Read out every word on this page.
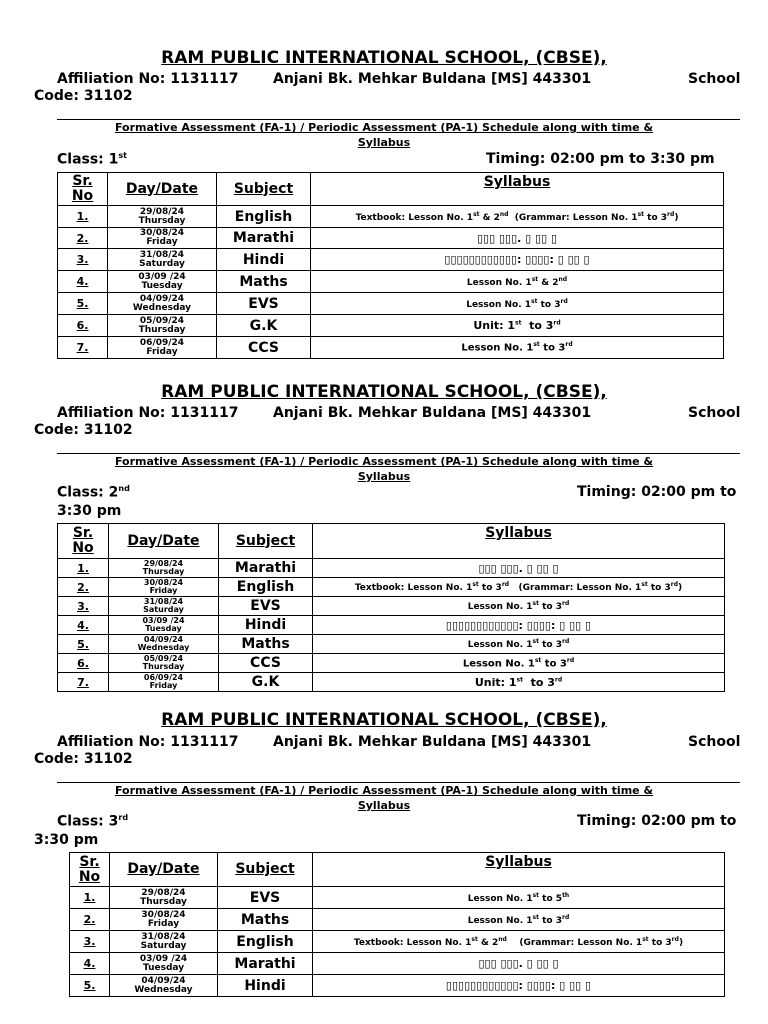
RAM PUBLIC INTERNATIONAL SCHOOL, (CBSE),
Affiliation No: 1131117 Anjani Bk. Mehkar Buldana [MS] 443301	School
Code: 31102
Formative Assessment (FA-1) / Periodic Assessment (PA-1) Schedule along with time &
Syllabus
Class: 1st	Timing: 02:00 pm to 3:30 pm
Sr.
No	Day/Date	Subject	Syllabus
1.	29/08/24
Thursday	English	Textbook: Lesson No. 1st & 2nd  (Grammar: Lesson No. 1st to 3rd)
2.	30/08/24
Friday	Marathi	▯▯▯ ▯▯▯. ▯ ▯▯ ▯
3.	31/08/24
Saturday	Hindi	▯▯▯▯▯▯▯▯▯▯▯▯: ▯▯▯▯: ▯ ▯▯ ▯
4.	03/09 /24
Tuesday	Maths	Lesson No. 1st & 2nd
5.	04/09/24
Wednesday	EVS	Lesson No. 1st to 3rd
6.	05/09/24
Thursday	G.K	Unit: 1st  to 3rd
7.	06/09/24
Friday	CCS	Lesson No. 1st to 3rd
RAM PUBLIC INTERNATIONAL SCHOOL, (CBSE),
Affiliation No: 1131117 Anjani Bk. Mehkar Buldana [MS] 443301	School
Code: 31102
Formative Assessment (FA-1) / Periodic Assessment (PA-1) Schedule along with time &
Syllabus
Class: 2nd	Timing: 02:00 pm to
3:30 pm
Sr.
No	Day/Date	Subject	Syllabus
1.	29/08/24
Thursday	Marathi	▯▯▯ ▯▯▯. ▯ ▯▯ ▯
2.	30/08/24
Friday	English	Textbook: Lesson No. 1st to 3rd   (Grammar: Lesson No. 1st to 3rd)
3.	31/08/24
Saturday	EVS	Lesson No. 1st to 3rd
4.	03/09 /24
Tuesday	Hindi	▯▯▯▯▯▯▯▯▯▯▯▯: ▯▯▯▯: ▯ ▯▯ ▯
5.	04/09/24
Wednesday	Maths	Lesson No. 1st to 3rd
6.	05/09/24
Thursday	CCS	Lesson No. 1st to 3rd
7.	06/09/24
Friday	G.K	Unit: 1st  to 3rd
RAM PUBLIC INTERNATIONAL SCHOOL, (CBSE),
Affiliation No: 1131117 Anjani Bk. Mehkar Buldana [MS] 443301	School
Code: 31102
Formative Assessment (FA-1) / Periodic Assessment (PA-1) Schedule along with time &
Syllabus
Class: 3rd	Timing: 02:00 pm to
3:30 pm
Sr.
No	Day/Date	Subject	Syllabus
1.	29/08/24
Thursday	EVS	Lesson No. 1st to 5th
2.	30/08/24
Friday	Maths	Lesson No. 1st to 3rd
3.	31/08/24
Saturday	English	Textbook: Lesson No. 1st & 2nd    (Grammar: Lesson No. 1st to 3rd)
4.	03/09 /24
Tuesday	Marathi	▯▯▯ ▯▯▯. ▯ ▯▯ ▯
5.	04/09/24
Wednesday	Hindi	▯▯▯▯▯▯▯▯▯▯▯▯: ▯▯▯▯: ▯ ▯▯ ▯
